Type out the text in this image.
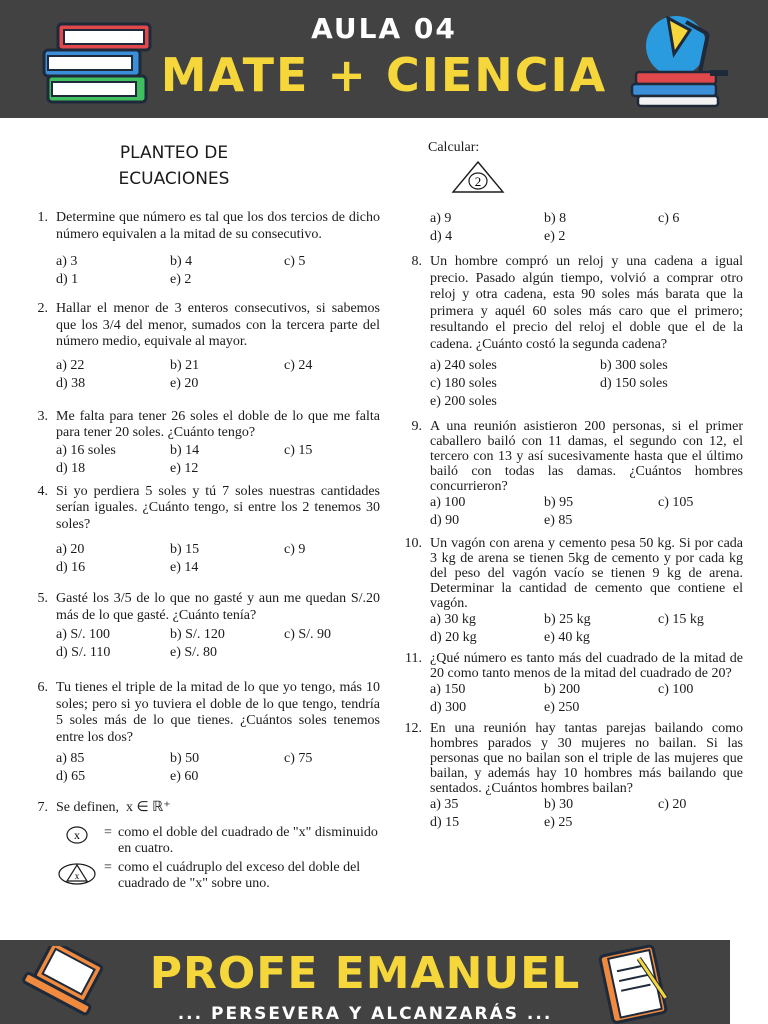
AULA 04
MATE + CIENCIA
PLANTEO DE
ECUACIONES
1. Determine que número es tal que los dos tercios de dicho número equivalen a la mitad de su consecutivo.
a) 3	b) 4	c) 5
d) 1	e) 2
2. Hallar el menor de 3 enteros consecutivos, si sabemos que los 3/4 del menor, sumados con la tercera parte del número medio, equivale al mayor.
a) 22	b) 21	c) 24
d) 38	e) 20
3. Me falta para tener 26 soles el doble de lo que me falta para tener 20 soles. ¿Cuánto tengo?
a) 16 soles	b) 14	c) 15
d) 18	e) 12
4. Si yo perdiera 5 soles y tú 7 soles nuestras cantidades serían iguales. ¿Cuánto tengo, si entre los 2 tenemos 30 soles?
a) 20	b) 15	c) 9
d) 16	e) 14
5. Gasté los 3/5 de lo que no gasté y aun me quedan S/.20 más de lo que gasté. ¿Cuánto tenía?
a) S/. 100	b) S/. 120	c) S/. 90
d) S/. 110	e) S/. 80
6. Tu tienes el triple de la mitad de lo que yo tengo, más 10 soles; pero si yo tuviera el doble de lo que tengo, tendría 5 soles más de lo que tienes. ¿Cuántos soles tenemos entre los dos?
a) 85	b) 50	c) 75
d) 65	e) 60
7. Se definen, x ∈ ℝ⁺
x	= como el doble del cuadrado de "x" disminuido en cuatro.
x
= como el cuádruplo del exceso del doble del cuadrado de "x" sobre uno.
Calcular:
2
a) 9	b) 8	c) 6
d) 4	e) 2
8. Un hombre compró un reloj y una cadena a igual precio. Pasado algún tiempo, volvió a comprar otro reloj y otra cadena, esta 90 soles más barata que la primera y aquél 60 soles más caro que el primero; resultando el precio del reloj el doble que el de la cadena. ¿Cuánto costó la segunda cadena?
a) 240 soles	b) 300 soles
c) 180 soles	d) 150 soles
e) 200 soles
9. A una reunión asistieron 200 personas, si el primer caballero bailó con 11 damas, el segundo con 12, el tercero con 13 y así sucesivamente hasta que el último bailó con todas las damas. ¿Cuántos hombres concurrieron?
a) 100	b) 95	c) 105
d) 90	e) 85
10. Un vagón con arena y cemento pesa 50 kg. Si por cada 3 kg de arena se tienen 5kg de cemento y por cada kg del peso del vagón vacío se tienen 9 kg de arena. Determinar la cantidad de cemento que contiene el vagón.
a) 30 kg	b) 25 kg	c) 15 kg
d) 20 kg	e) 40 kg
11. ¿Qué número es tanto más del cuadrado de la mitad de 20 como tanto menos de la mitad del cuadrado de 20?
a) 150	b) 200	c) 100
d) 300	e) 250
12. En una reunión hay tantas parejas bailando como hombres parados y 30 mujeres no bailan. Si las personas que no bailan son el triple de las mujeres que bailan, y además hay 10 hombres más bailando que sentados. ¿Cuántos hombres bailan?
a) 35	b) 30	c) 20
d) 15	e) 25
PROFE EMANUEL
... PERSEVERA Y ALCANZARÁS ...
